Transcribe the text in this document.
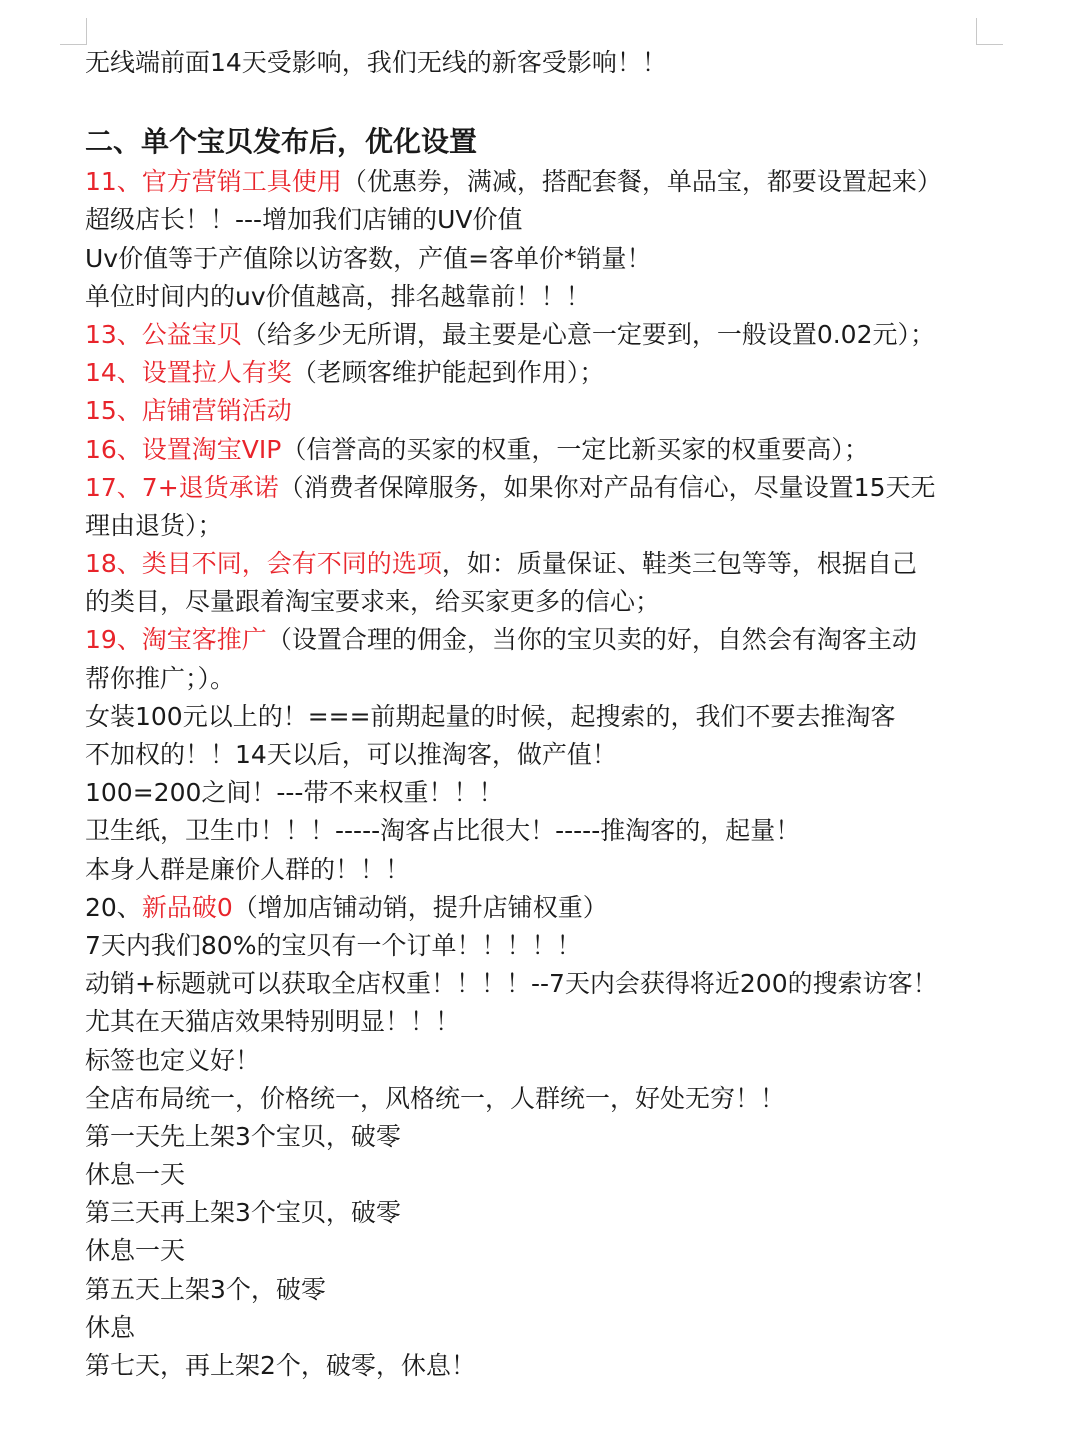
无线端前面14天受影响，我们无线的新客受影响！！
二、单个宝贝发布后，优化设置
11、官方营销工具使用（优惠券，满减，搭配套餐，单品宝，都要设置起来）
超级店长！！---增加我们店铺的UV价值
Uv价值等于产值除以访客数，产值=客单价*销量！
单位时间内的uv价值越高，排名越靠前！！！
13、公益宝贝（给多少无所谓，最主要是心意一定要到，一般设置0.02元）；
14、设置拉人有奖（老顾客维护能起到作用）；
15、店铺营销活动
16、设置淘宝VIP（信誉高的买家的权重，一定比新买家的权重要高）；
17、7+退货承诺（消费者保障服务，如果你对产品有信心，尽量设置15天无
理由退货）；
18、类目不同，会有不同的选项，如：质量保证、鞋类三包等等，根据自己
的类目，尽量跟着淘宝要求来，给买家更多的信心；
19、淘宝客推广（设置合理的佣金，当你的宝贝卖的好，自然会有淘客主动
帮你推广；）。
女装100元以上的！===前期起量的时候，起搜索的，我们不要去推淘客
不加权的！！14天以后，可以推淘客，做产值！
100=200之间！---带不来权重！！！
卫生纸，卫生巾！！！-----淘客占比很大！-----推淘客的，起量！
本身人群是廉价人群的！！！
20、新品破0（增加店铺动销，提升店铺权重）
7天内我们80%的宝贝有一个订单！！！！！
动销+标题就可以获取全店权重！！！！--7天内会获得将近200的搜索访客！
尤其在天猫店效果特别明显！！！
标签也定义好！
全店布局统一，价格统一，风格统一，人群统一，好处无穷！！
第一天先上架3个宝贝，破零
休息一天
第三天再上架3个宝贝，破零
休息一天
第五天上架3个，破零
休息
第七天，再上架2个，破零，休息！
